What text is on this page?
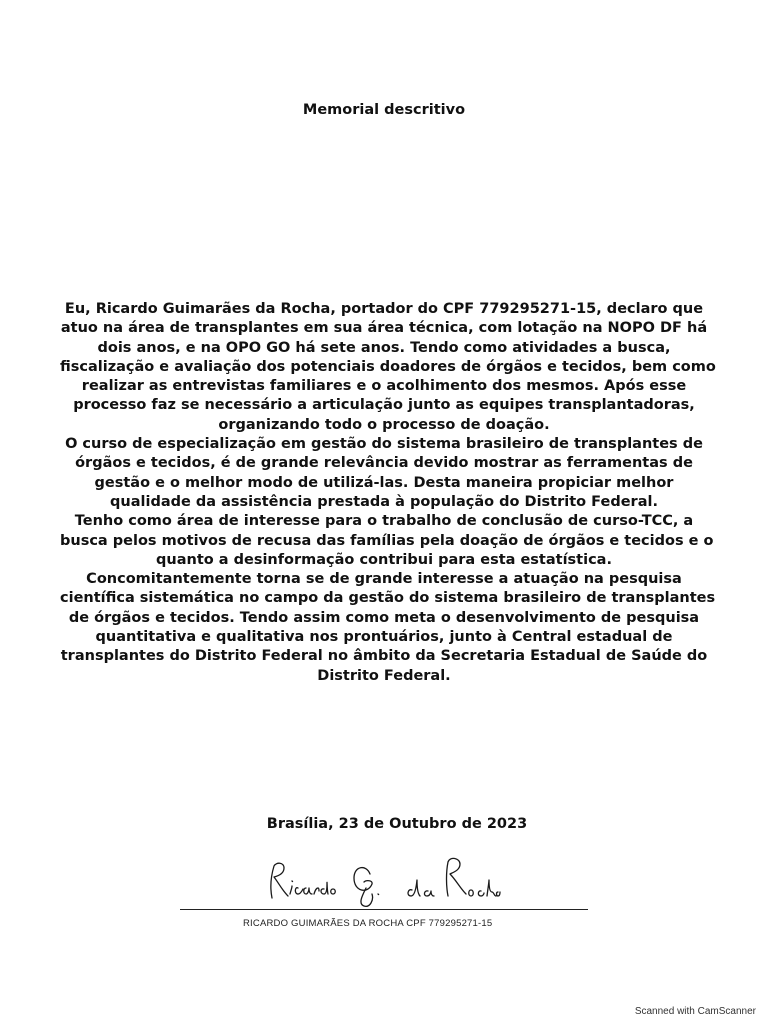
Memorial descritivo
Eu, Ricardo Guimarães da Rocha, portador do CPF 779295271-15, declaro que
atuo na área de transplantes em sua área técnica, com lotação na NOPO DF há
dois anos, e na OPO GO há sete anos. Tendo como atividades a busca,
fiscalização e avaliação dos potenciais doadores de órgãos e tecidos, bem como
realizar as entrevistas familiares e o acolhimento dos mesmos. Após esse
processo faz se necessário a articulação junto as equipes transplantadoras,
organizando todo o processo de doação.
O curso de especialização em gestão do sistema brasileiro de transplantes de
órgãos e tecidos, é de grande relevância devido mostrar as ferramentas de
gestão e o melhor modo de utilizá-las. Desta maneira propiciar melhor
qualidade da assistência prestada à população do Distrito Federal.
Tenho como área de interesse para o trabalho de conclusão de curso-TCC, a
busca pelos motivos de recusa das famílias pela doação de órgãos e tecidos e o
quanto a desinformação contribui para esta estatística.
Concomitantemente torna se de grande interesse a atuação na pesquisa
científica sistemática no campo da gestão do sistema brasileiro de transplantes
de órgãos e tecidos. Tendo assim como meta o desenvolvimento de pesquisa
quantitativa e qualitativa nos prontuários, junto à Central estadual de
transplantes do Distrito Federal no âmbito da Secretaria Estadual de Saúde do
Distrito Federal.
Brasília, 23 de Outubro de 2023
RICARDO GUIMARÃES DA ROCHA CPF 779295271-15
Scanned with CamScanner
